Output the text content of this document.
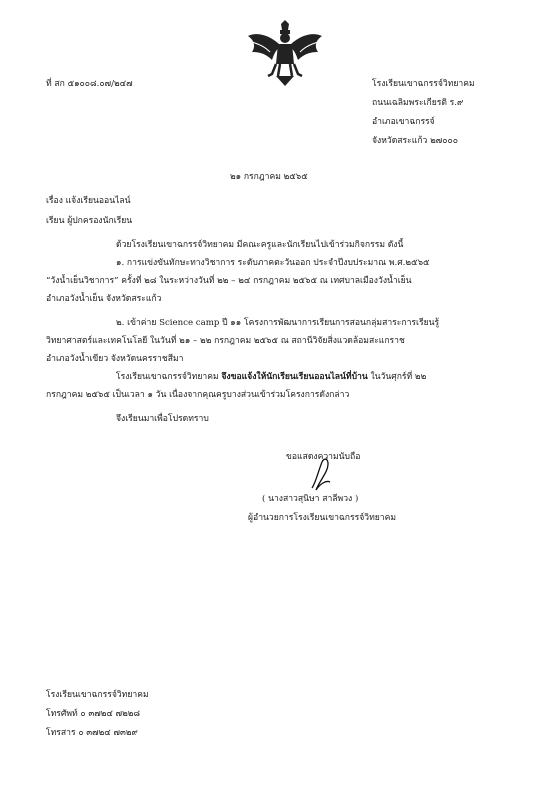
ที่ สก ๕๑๐๐๘.๐๗/๒๔๗	โรงเรียนเขาฉกรรจ์วิทยาคม
ถนนเฉลิมพระเกียรติ ร.๙
อำเภอเขาฉกรรจ์
จังหวัดสระแก้ว ๒๗๐๐๐
๒๑ กรกฎาคม ๒๕๖๕
เรื่อง แจ้งเรียนออนไลน์
เรียน ผู้ปกครองนักเรียน
ด้วยโรงเรียนเขาฉกรรจ์วิทยาคม มีคณะครูและนักเรียนไปเข้าร่วมกิจกรรม ดังนี้
๑. การแข่งขันทักษะทางวิชาการ ระดับภาคตะวันออก ประจำปีงบประมาณ พ.ศ.๒๕๖๕
“วังน้ำเย็นวิชาการ” ครั้งที่ ๒๘ ในระหว่างวันที่ ๒๒ – ๒๔ กรกฎาคม ๒๕๖๕ ณ เทศบาลเมืองวังน้ำเย็น
อำเภอวังน้ำเย็น จังหวัดสระแก้ว
๒. เข้าค่าย Science camp ปี ๑๑ โครงการพัฒนาการเรียนการสอนกลุ่มสาระการเรียนรู้
วิทยาศาสตร์และเทคโนโลยี ในวันที่ ๒๑ – ๒๒ กรกฎาคม ๒๕๖๕ ณ สถานีวิจัยสิ่งแวดล้อมสะแกราช
อำเภอวังน้ำเขียว จังหวัดนครราชสีมา
โรงเรียนเขาฉกรรจ์วิทยาคม จึงขอแจ้งให้นักเรียนเรียนออนไลน์ที่บ้าน ในวันศุกร์ที่ ๒๒
กรกฎาคม ๒๕๖๕ เป็นเวลา ๑ วัน เนื่องจากคุณครูบางส่วนเข้าร่วมโครงการดังกล่าว
จึงเรียนมาเพื่อโปรดทราบ
ขอแสดงความนับถือ
( นางสาวสุนิษา สาลีพวง )
ผู้อำนวยการโรงเรียนเขาฉกรรจ์วิทยาคม
โรงเรียนเขาฉกรรจ์วิทยาคม
โทรศัพท์ ๐ ๓๗๒๔ ๗๒๒๘
โทรสาร ๐ ๓๗๒๔ ๗๓๒๙
